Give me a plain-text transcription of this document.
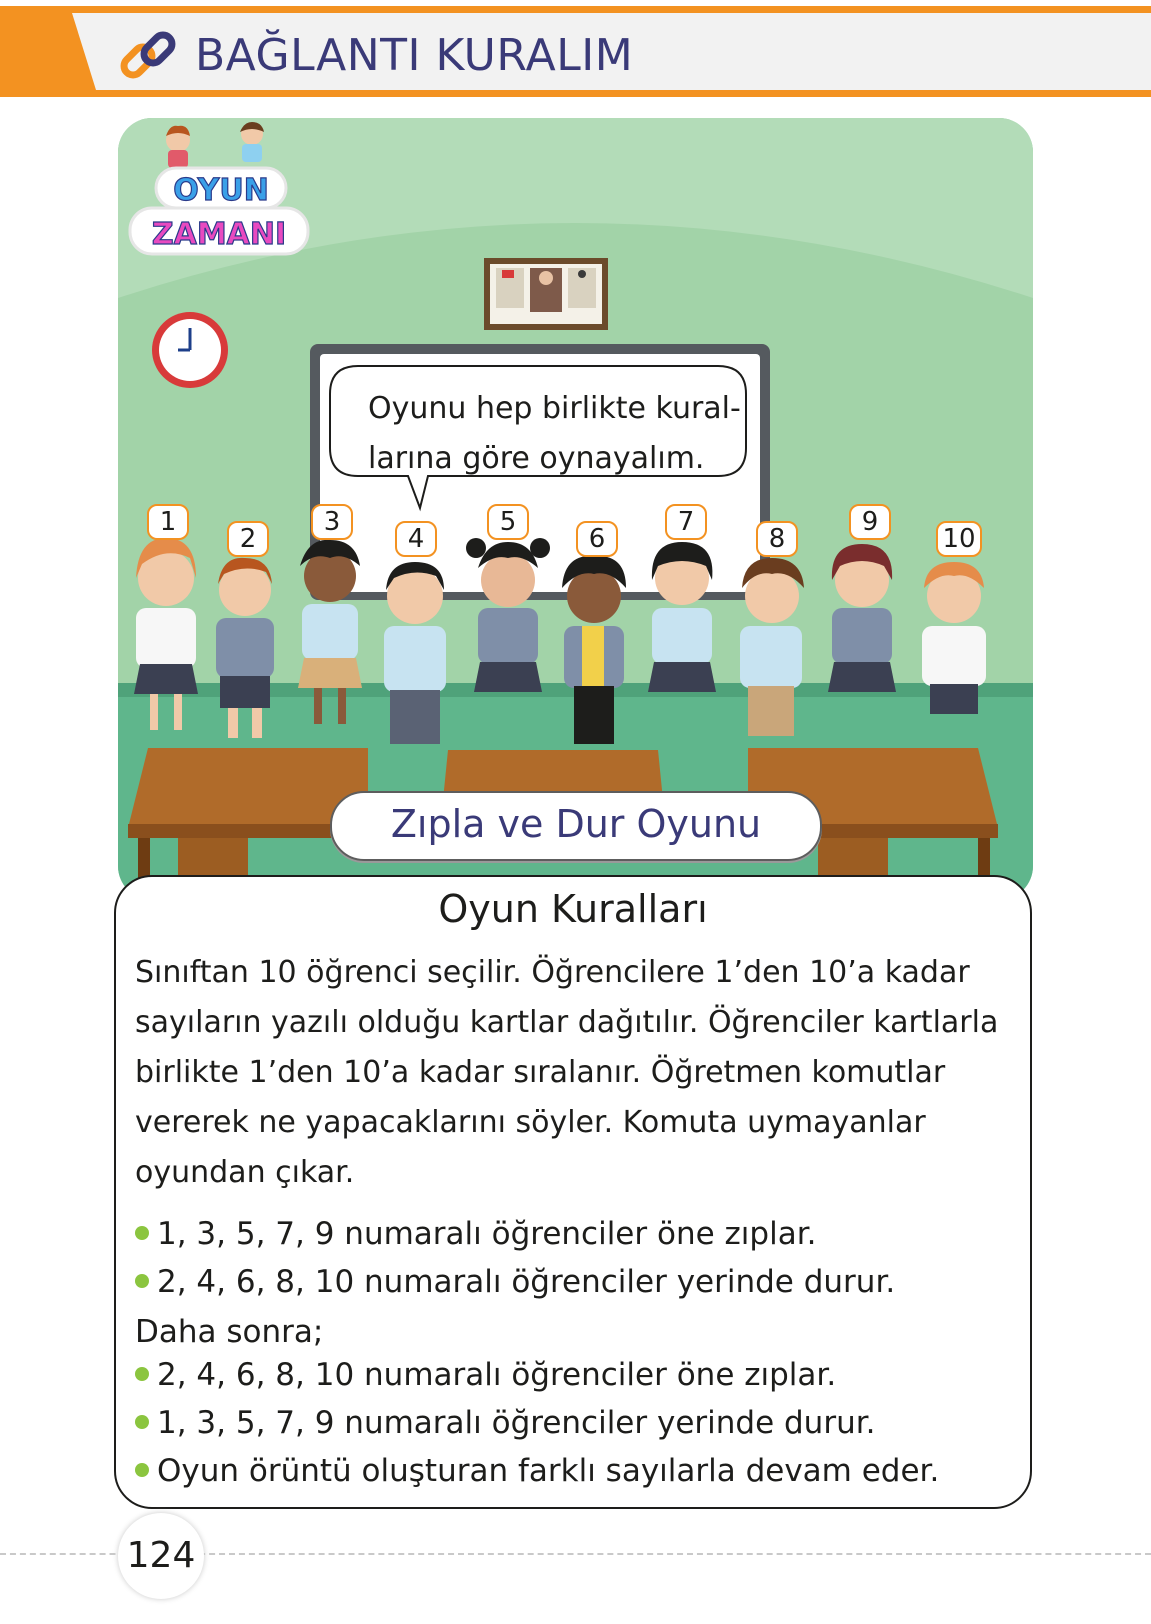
BAĞLANTI KURALIM
OYUN
ZAMANI
Oyunu hep birlikte kural- larına göre oynayalım.
1
2
3
4
5
6
7
8
9
10
Zıpla ve Dur Oyunu
Oyun Kuralları
Sınıftan 10 öğrenci seçilir. Öğrencilere 1’den 10’a kadar sayıların yazılı olduğu kartlar dağıtılır. Öğrenciler kartlarla birlikte 1’den 10’a kadar sıralanır. Öğretmen komutlar vererek ne yapacaklarını söyler. Komuta uymayanlar oyundan çıkar.
1, 3, 5, 7, 9 numaralı öğrenciler öne zıplar.
2, 4, 6, 8, 10 numaralı öğrenciler yerinde durur.
Daha sonra;
2, 4, 6, 8, 10 numaralı öğrenciler öne zıplar.
1, 3, 5, 7, 9 numaralı öğrenciler yerinde durur.
Oyun örüntü oluşturan farklı sayılarla devam eder.
124
